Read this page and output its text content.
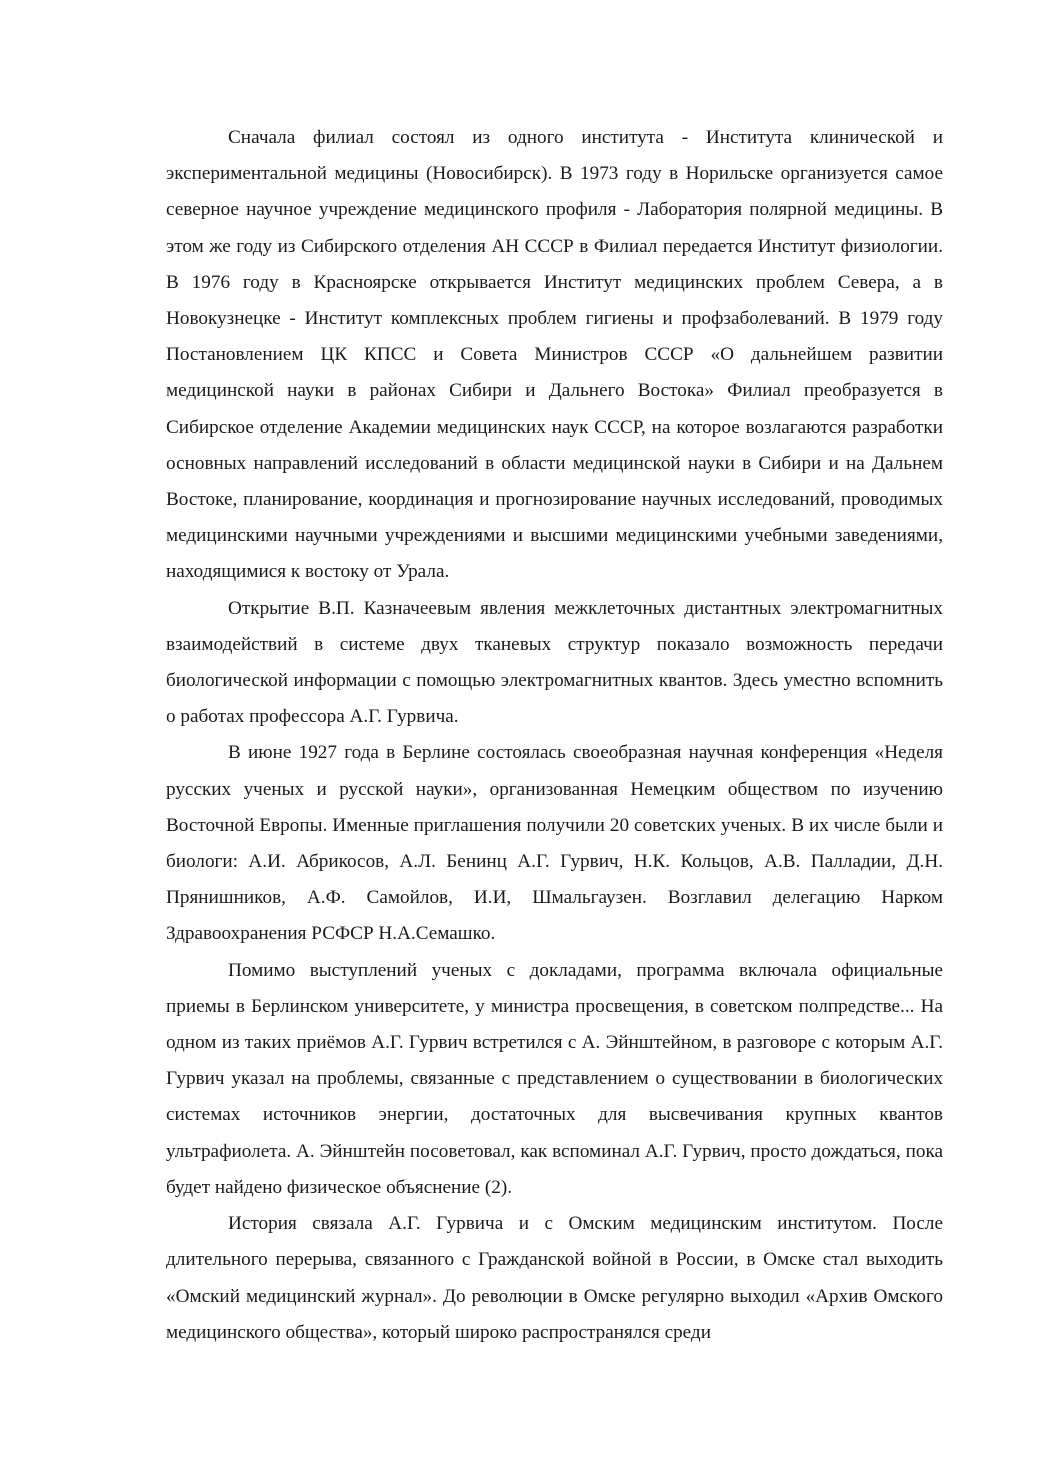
Сначала филиал состоял из одного института - Института клинической и экспериментальной медицины (Новосибирск). В 1973 году в Норильске организуется самое северное научное учреждение медицинского профиля - Лаборатория полярной медицины. В этом же году из Сибирского отделения АН СССР в Филиал передается Институт физиологии. В 1976 году в Красноярске открывается Институт медицинских проблем Севера, а в Новокузнецке - Институт комплексных проблем гигиены и профзаболеваний. В 1979 году Постановлением ЦК КПСС и Совета Министров СССР «О дальнейшем развитии медицинской науки в районах Сибири и Дальнего Востока» Филиал преобразуется в Сибирское отделение Академии медицинских наук СССР, на которое возлагаются разработки основных направлений исследований в области медицинской науки в Сибири и на Дальнем Востоке, планирование, координация и прогнозирование научных исследований, проводимых медицинскими научными учреждениями и высшими медицинскими учебными заведениями, находящимися к востоку от Урала.

Открытие В.П. Казначеевым явления межклеточных дистантных электромагнитных взаимодействий в системе двух тканевых структур показало возможность передачи биологической информации с помощью электромагнитных квантов. Здесь уместно вспомнить о работах профессора А.Г. Гурвича.

В июне 1927 года в Берлине состоялась своеобразная научная конференция «Неделя русских ученых и русской науки», организованная Немецким обществом по изучению Восточной Европы. Именные приглашения получили 20 советских ученых. В их числе были и биологи: А.И. Абрикосов, А.Л. Бенинц А.Г. Гурвич, Н.К. Кольцов, А.В. Палладии, Д.Н. Прянишников, А.Ф. Самойлов, И.И, Шмальгаузен. Возглавил делегацию Нарком Здравоохранения РСФСР Н.А.Семашко.

Помимо выступлений ученых с докладами, программа включала официальные приемы в Берлинском университете, у министра просвещения, в советском полпредстве... На одном из таких приёмов А.Г. Гурвич встретился с А. Эйнштейном, в разговоре с которым А.Г. Гурвич указал на проблемы, связанные с представлением о существовании в биологических системах источников энергии, достаточных для высвечивания крупных квантов ультрафиолета. А. Эйнштейн посоветовал, как вспоминал А.Г. Гурвич, просто дождаться, пока будет найдено физическое объяснение (2).

История связала А.Г. Гурвича и с Омским медицинским институтом. После длительного перерыва, связанного с Гражданской войной в России, в Омске стал выходить «Омский медицинский журнал». До революции в Омске регулярно выходил «Архив Омского медицинского общества», который широко распространялся среди
